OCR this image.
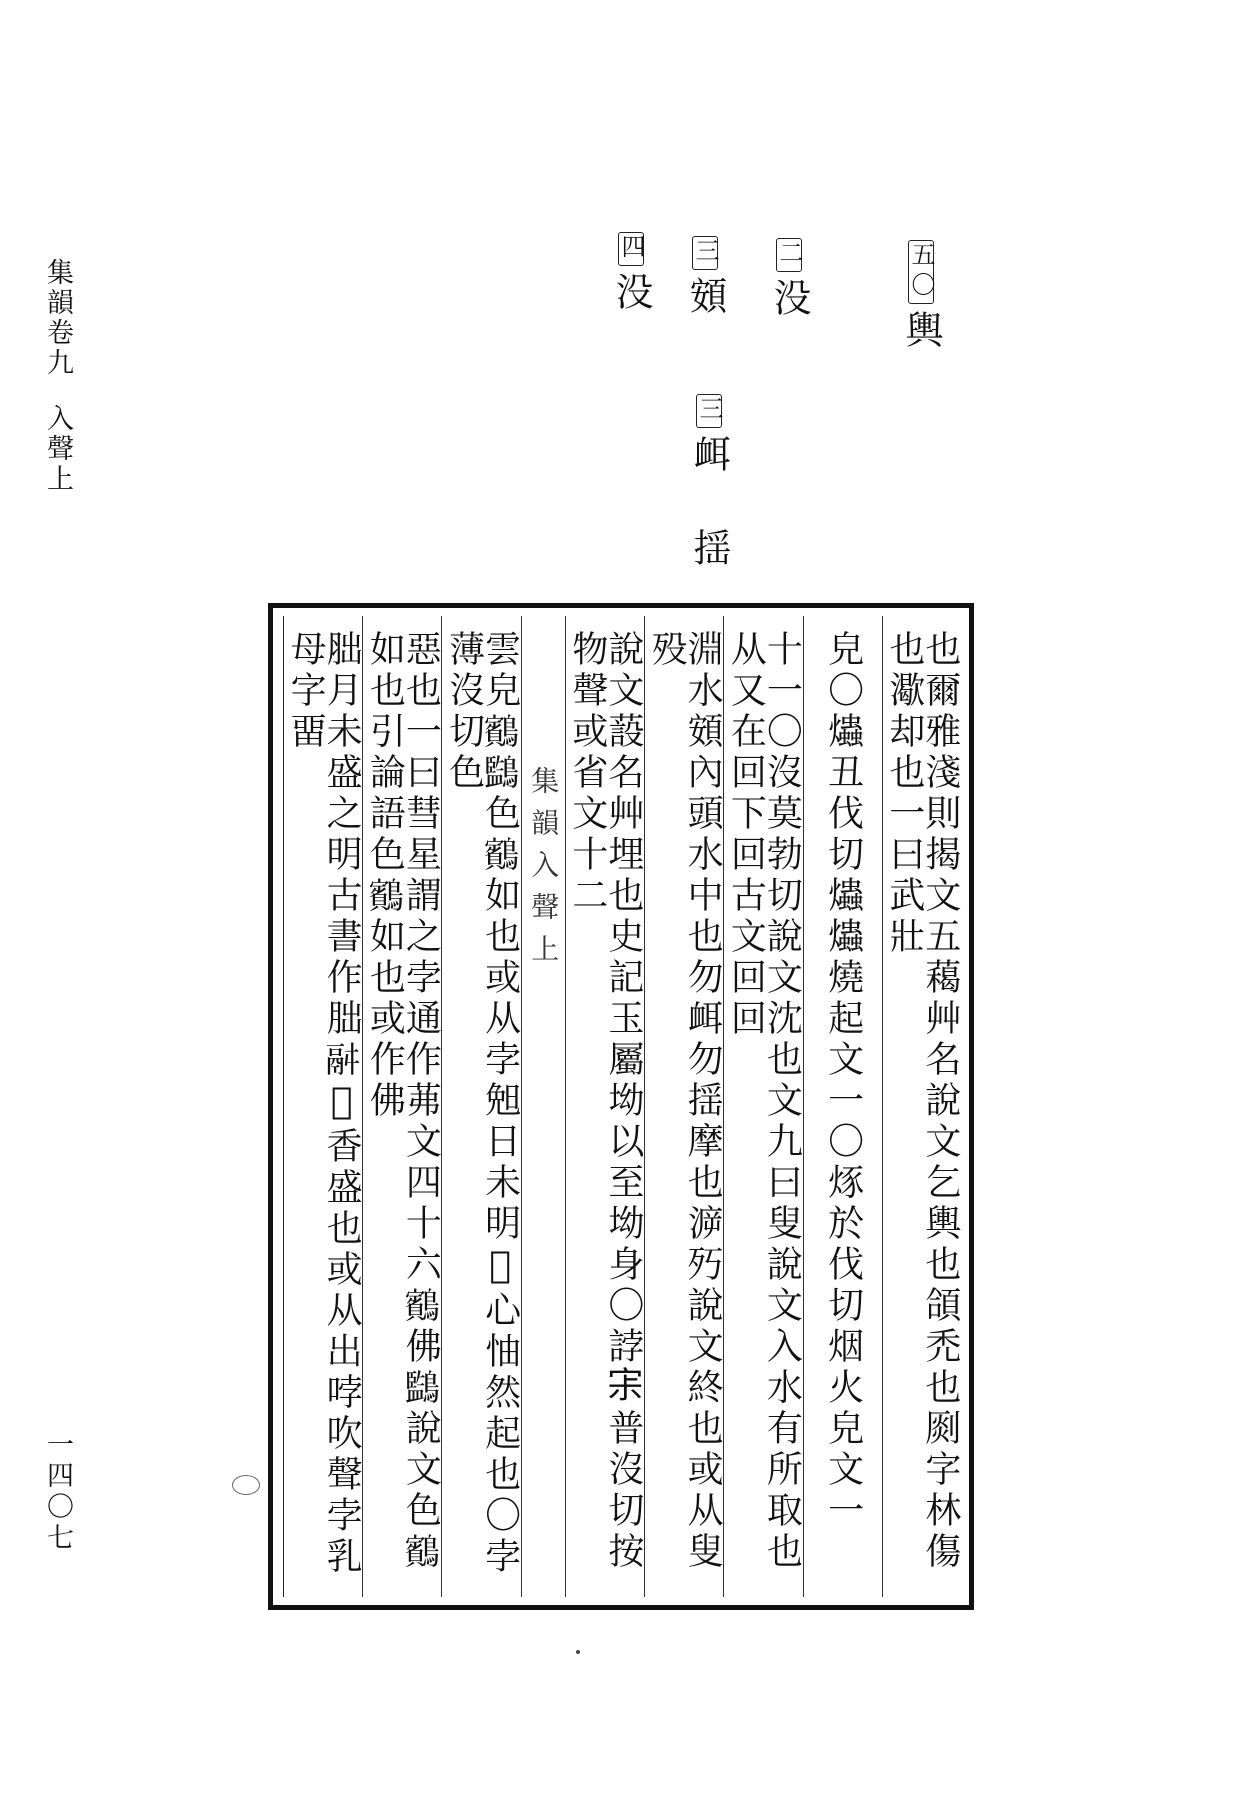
集韻卷九入聲上
一四〇七
五〇輿
二没
三頞
三衈 揺
四没
也爾雅淺則揭文五藒艸名說文乞輿也頜禿也㓹字林傷也㵣却也一曰武壯
皃〇爞丑伐切爞爞燒起文一〇烼於伐切烟火皃文一
十一〇沒莫勃切說文沈也文九曰叟說文入水有所取也从又在回下回古文回回
淵水頞內頭水中也勿衈勿揺摩也㴑㱙說文終也或从叟殁
說文蔎名艸埋也史記玉屬坳以至坳身〇誖𡧯普沒切按物聲或省文十二
集韻入聲上
雲皃𪇕𪇖色𪇕如也或从孛𣆶日未明𢘥心怞然起也〇孛薄沒切色
惡也一曰彗星謂之孛通作茀文四十六𪇕佛𪇖說文色𪇕如也引論語色𪇕如也或作佛
胐月未盛之明古書作朏𩰫𩰜香盛也或从出哱吹聲孛乳母字畱
